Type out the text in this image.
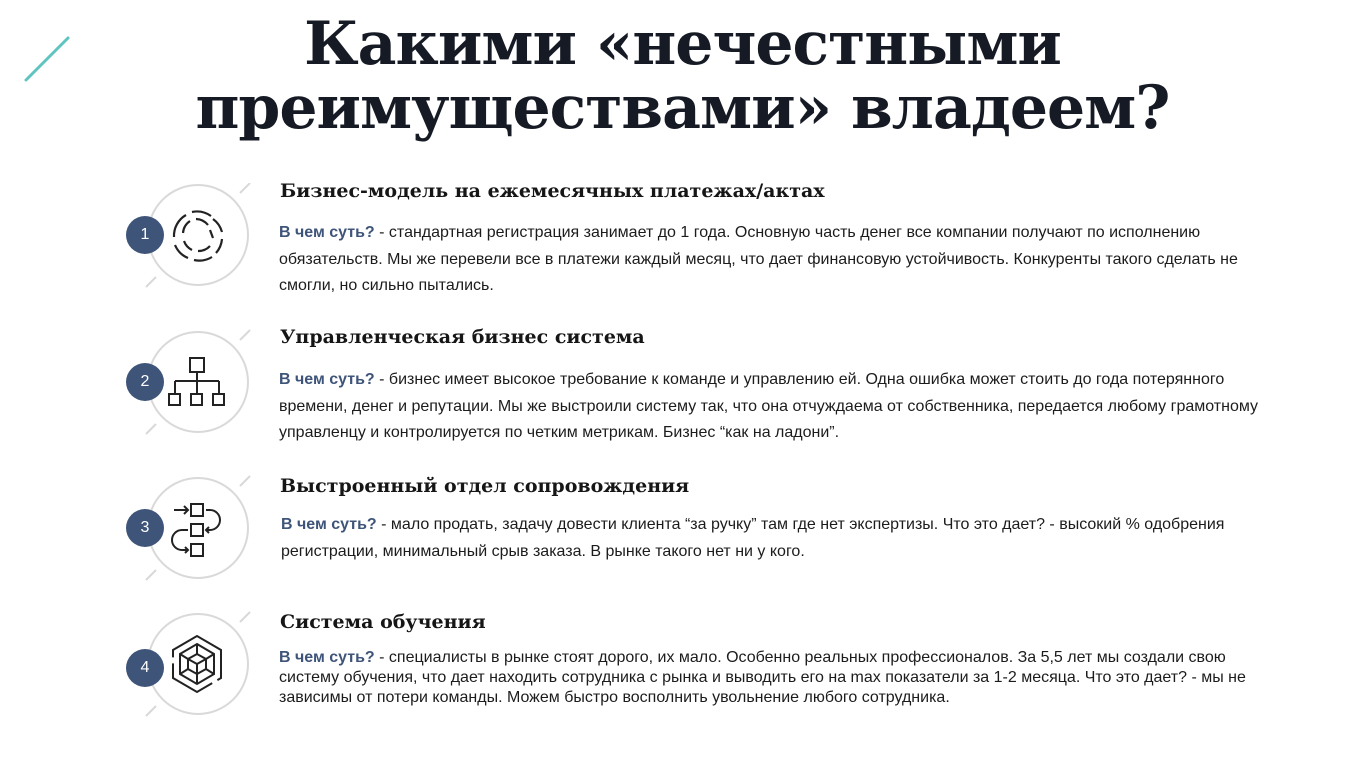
Какими «нечестными
преимуществами» владеем?
1
Бизнес-модель на ежемесячных платежах/актах

В чем суть? - стандартная регистрация занимает до 1 года. Основную часть денег все компании получают по исполнению обязательств. Мы же перевели все в платежи каждый месяц, что дает финансовую устойчивость. Конкуренты такого сделать не смогли, но сильно пытались.

2
Управленческая бизнес система

В чем суть? - бизнес имеет высокое требование к команде и управлению ей. Одна ошибка может стоить до года потерянного времени, денег и репутации. Мы же выстроили систему так, что она отчуждаема от собственника, передается любому грамотному управленцу и контролируется по четким метрикам. Бизнес “как на ладони”.

3
Выстроенный отдел сопровождения

В чем суть? - мало продать, задачу довести клиента “за ручку” там где нет экспертизы. Что это дает? - высокий % одобрения регистрации, минимальный срыв заказа. В рынке такого нет ни у кого.

4
Система обучения

В чем суть? - специалисты в рынке стоят дорого, их мало. Особенно реальных профессионалов. За 5,5 лет мы создали свою систему обучения, что дает находить сотрудника с рынка и выводить его на max показатели за 1-2 месяца. Что это дает? - мы не зависимы от потери команды. Можем быстро восполнить увольнение любого сотрудника.
